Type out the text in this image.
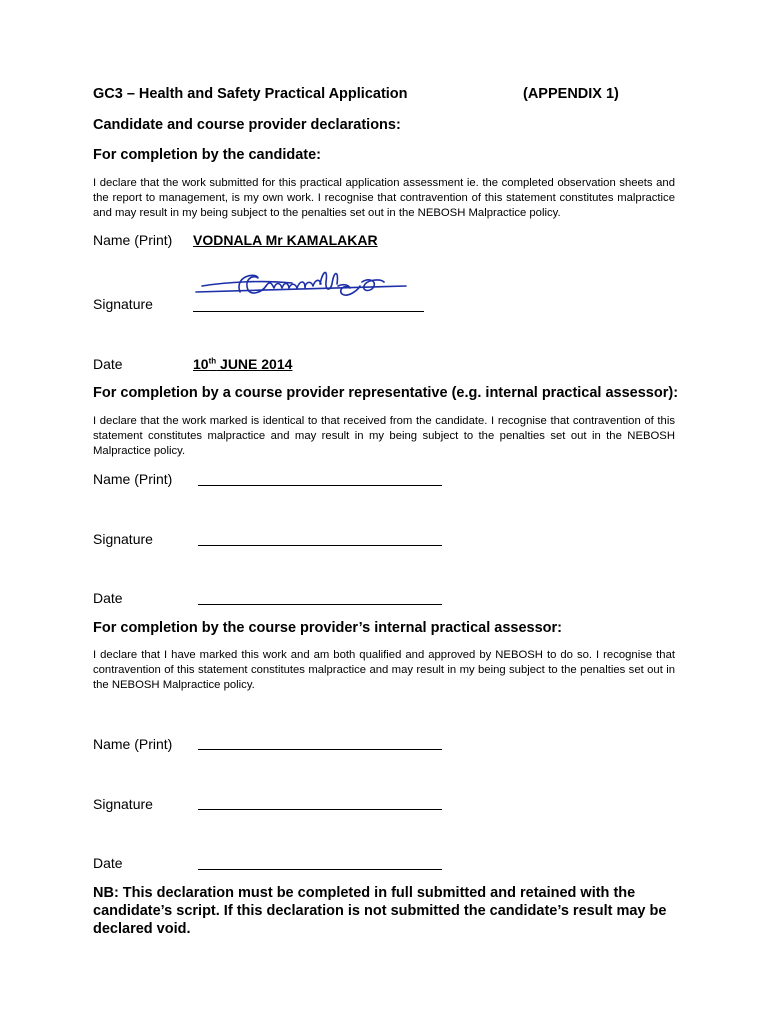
GC3 – Health and Safety Practical Application	(APPENDIX 1)
Candidate and course provider declarations:
For completion by the candidate:
I declare that the work submitted for this practical application assessment ie. the completed observation sheets and the report to management, is my own work. I recognise that contravention of this statement constitutes malpractice and may result in my being subject to the penalties set out in the NEBOSH Malpractice policy.
Name (Print) VODNALA Mr KAMALAKAR
Signature
Date	10th JUNE 2014
For completion by a course provider representative (e.g. internal practical assessor):
I declare that the work marked is identical to that received from the candidate. I recognise that contravention of this statement constitutes malpractice and may result in my being subject to the penalties set out in the NEBOSH Malpractice policy.
Name (Print)
Signature
Date
For completion by the course provider’s internal practical assessor:
I declare that I have marked this work and am both qualified and approved by NEBOSH to do so. I recognise that contravention of this statement constitutes malpractice and may result in my being subject to the penalties set out in the NEBOSH Malpractice policy.
Name (Print)
Signature
Date
NB: This declaration must be completed in full submitted and retained with the candidate’s script. If this declaration is not submitted the candidate’s result may be declared void.
